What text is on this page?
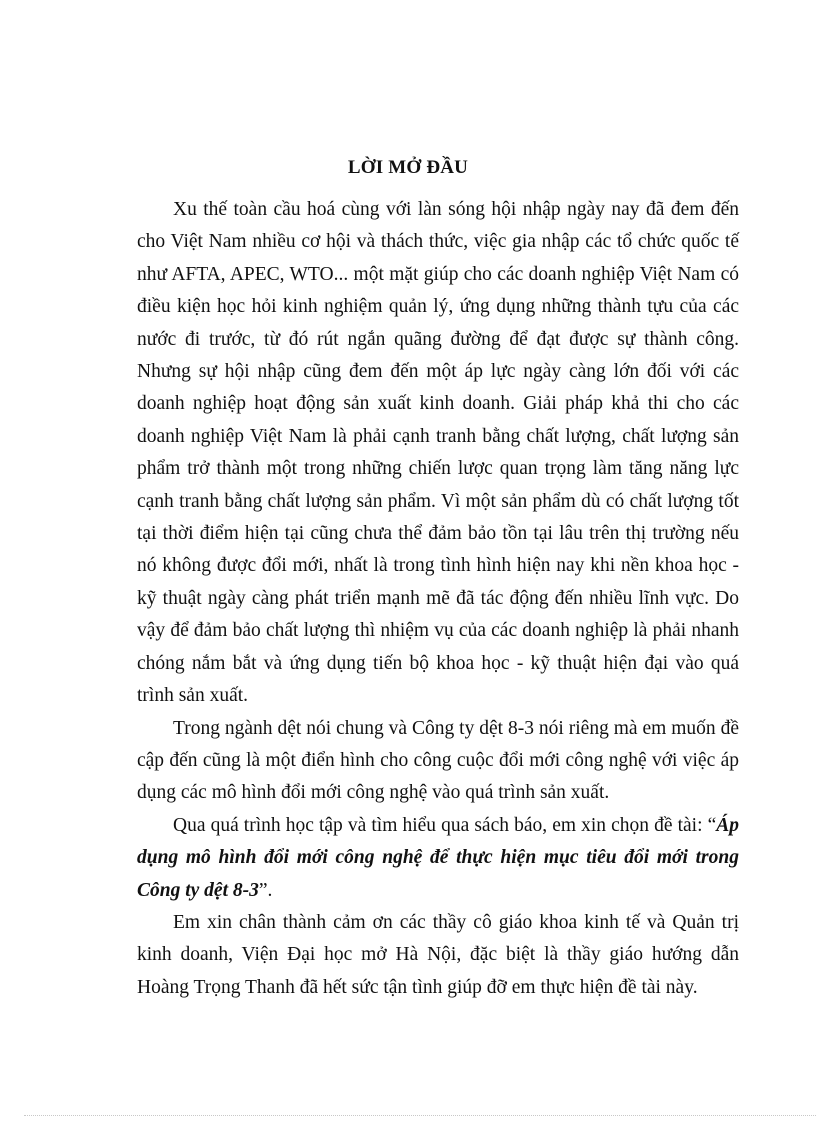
LỜI MỞ ĐẦU

Xu thế toàn cầu hoá cùng với làn sóng hội nhập ngày nay đã đem đến cho Việt Nam nhiều cơ hội và thách thức, việc gia nhập các tổ chức quốc tế như AFTA, APEC, WTO... một mặt giúp cho các doanh nghiệp Việt Nam có điều kiện học hỏi kinh nghiệm quản lý, ứng dụng những thành tựu của các nước đi trước, từ đó rút ngắn quãng đường để đạt được sự thành công. Nhưng sự hội nhập cũng đem đến một áp lực ngày càng lớn đối với các doanh nghiệp hoạt động sản xuất kinh doanh. Giải pháp khả thi cho các doanh nghiệp Việt Nam là phải cạnh tranh bằng chất lượng, chất lượng sản phẩm trở thành một trong những chiến lược quan trọng làm tăng năng lực cạnh tranh bằng chất lượng sản phẩm. Vì một sản phẩm dù có chất lượng tốt tại thời điểm hiện tại cũng chưa thể đảm bảo tồn tại lâu trên thị trường nếu nó không được đổi mới, nhất là trong tình hình hiện nay khi nền khoa học - kỹ thuật ngày càng phát triển mạnh mẽ đã tác động đến nhiều lĩnh vực. Do vậy để đảm bảo chất lượng thì nhiệm vụ của các doanh nghiệp là phải nhanh chóng nắm bắt và ứng dụng tiến bộ khoa học - kỹ thuật hiện đại vào quá trình sản xuất.

Trong ngành dệt nói chung và Công ty dệt 8-3 nói riêng mà em muốn đề cập đến cũng là một điển hình cho công cuộc đổi mới công nghệ với việc áp dụng các mô hình đổi mới công nghệ vào quá trình sản xuất.

Qua quá trình học tập và tìm hiểu qua sách báo, em xin chọn đề tài: “Áp dụng mô hình đổi mới công nghệ để thực hiện mục tiêu đổi mới trong Công ty dệt 8-3”.

Em xin chân thành cảm ơn các thầy cô giáo khoa kinh tế và Quản trị kinh doanh, Viện Đại học mở Hà Nội, đặc biệt là thầy giáo hướng dẫn Hoàng Trọng Thanh đã hết sức tận tình giúp đỡ em thực hiện đề tài này.
